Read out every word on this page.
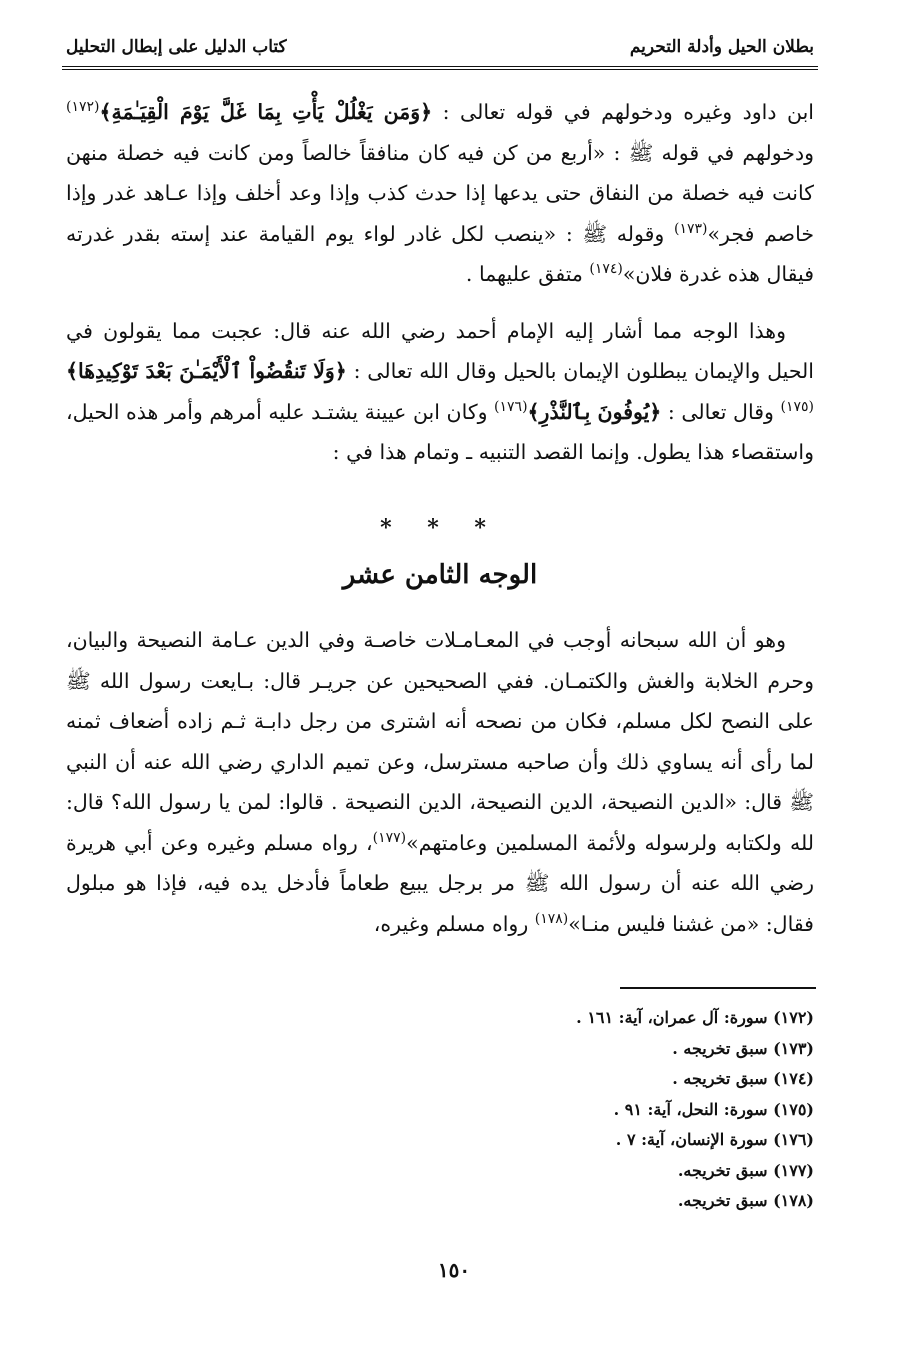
بطلان الحيل وأدلة التحريم
كتاب الدليل على إبطال التحليل

ابن داود وغيره ودخولهم في قوله تعالى : ﴿وَمَن يَغْلُلْ يَأْتِ بِمَا غَلَّ يَوْمَ الْقِيَـٰمَةِ﴾$^{(١٧٢)}$ ودخولهم في قوله ﷺ : «أربع من كن فيه كان منافقاً خالصاً ومن كانت فيه خصلة منهن كانت فيه خصلة من النفاق حتى يدعها إذا حدث كذب وإذا وعد أخلف وإذا عـاهد غدر وإذا خاصم فجر»$^{(١٧٣)}$ وقوله ﷺ : «ينصب لكل غادر لواء يوم القيامة عند إسته بقدر غدرته فيقال هذه غدرة فلان»$^{(١٧٤)}$ متفق عليهما .

وهذا الوجه مما أشار إليه الإمام أحمد رضي الله عنه قال: عجبت مما يقولون في الحيل والإيمان يبطلون الإيمان بالحيل وقال الله تعالى : ﴿وَلَا تَنقُضُواْ ٱلْأَيْمَـٰنَ بَعْدَ تَوْكِيدِهَا﴾$^{(١٧٥)}$ وقال تعالى : ﴿يُوفُونَ بِٱلنَّذْرِ﴾$^{(١٧٦)}$ وكان ابن عيينة يشتـد عليه أمرهم وأمر هذه الحيل، واستقصاء هذا يطول. وإنما القصد التنبيه ـ وتمام هذا في :

* * *
الوجه الثامن عشر

وهو أن الله سبحانه أوجب في المعـامـلات خاصـة وفي الدين عـامة النصيحة والبيان، وحرم الخلابة والغش والكتمـان. ففي الصحيحين عن جريـر قال: بـايعت رسول الله ﷺ على النصح لكل مسلم، فكان من نصحه أنه اشترى من رجل دابـة ثـم زاده أضعاف ثمنه لما رأى أنه يساوي ذلك وأن صاحبه مسترسل، وعن تميم الداري رضي الله عنه أن النبي ﷺ قال: «الدين النصيحة، الدين النصيحة، الدين النصيحة . قالوا: لمن يا رسول الله؟ قال: لله ولكتابه ولرسوله ولأئمة المسلمين وعامتهم»$^{(١٧٧)}$، رواه مسلم وغيره وعن أبي هريرة رضي الله عنه أن رسول الله ﷺ مر برجل يبيع طعاماً فأدخل يده فيه، فإذا هو مبلول فقال: «من غشنا فليس منـا»$^{(١٧٨)}$ رواه مسلم وغيره،

(١٧٢) سورة: آل عمران، آية: ١٦١ .
(١٧٣) سبق تخريجه .
(١٧٤) سبق تخريجه .
(١٧٥) سورة: النحل، آية: ٩١ .
(١٧٦) سورة الإنسان، آية: ٧ .
(١٧٧) سبق تخريجه.
(١٧٨) سبق تخريجه.
١٥٠
